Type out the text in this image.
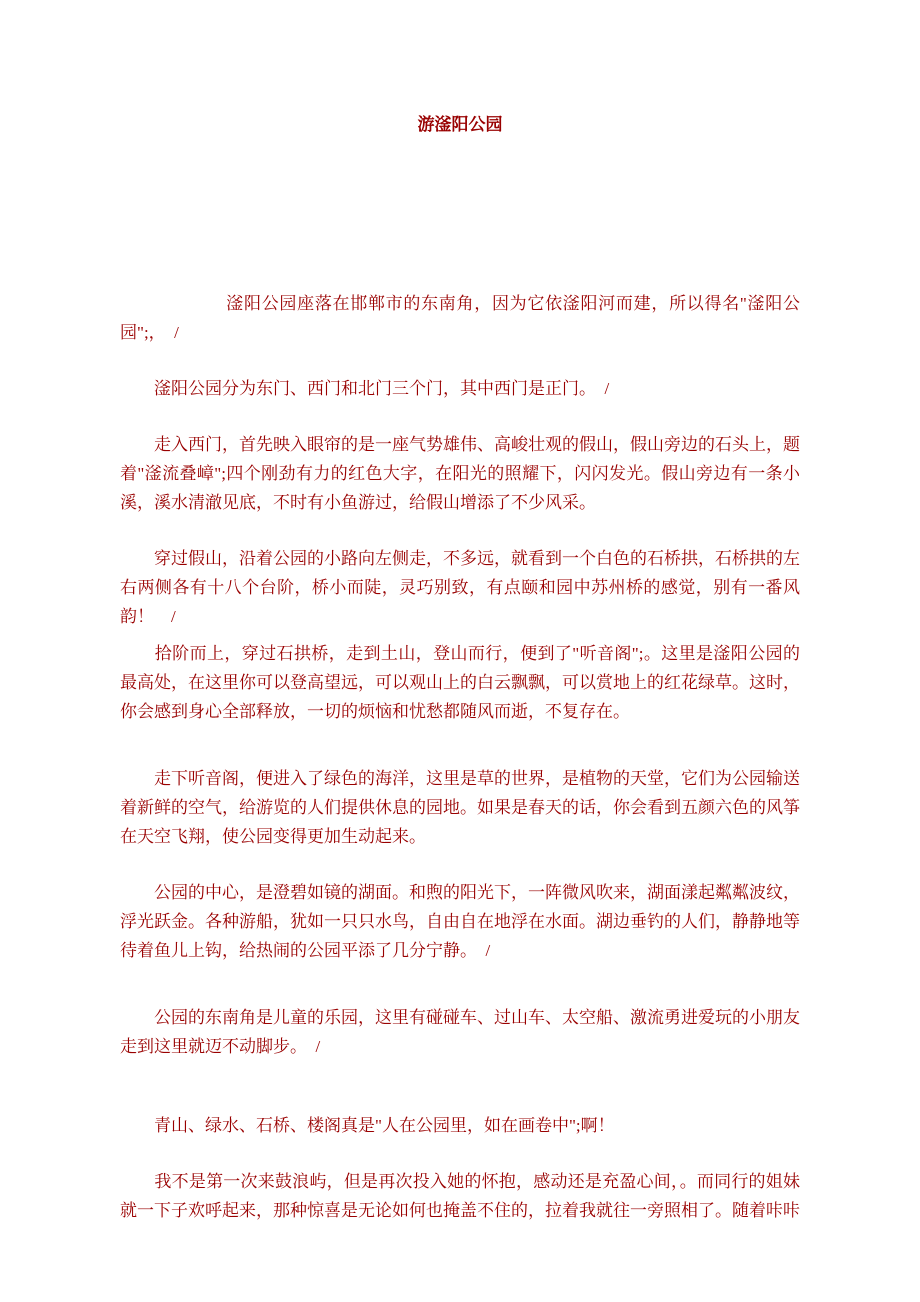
游滏阳公园

　　　　　　滏阳公园座落在邯郸市的东南角，因为它依滏阳河而建，所以得名"滏阳公园";，　/

　　滏阳公园分为东门、西门和北门三个门，其中西门是正门。　/

　　走入西门，首先映入眼帘的是一座气势雄伟、高峻壮观的假山，假山旁边的石头上，题着"滏流叠嶂";四个刚劲有力的红色大字，在阳光的照耀下，闪闪发光。假山旁边有一条小溪，溪水清澈见底，不时有小鱼游过，给假山增添了不少风采。

　　穿过假山，沿着公园的小路向左侧走，不多远，就看到一个白色的石桥拱，石桥拱的左右两侧各有十八个台阶，桥小而陡，灵巧别致，有点颐和园中苏州桥的感觉，别有一番风韵！　/

　　拾阶而上，穿过石拱桥，走到土山，登山而行，便到了"听音阁";。这里是滏阳公园的最高处，在这里你可以登高望远，可以观山上的白云飘飘，可以赏地上的红花绿草。这时，你会感到身心全部释放，一切的烦恼和忧愁都随风而逝，不复存在。

　　走下听音阁，便进入了绿色的海洋，这里是草的世界，是植物的天堂，它们为公园输送着新鲜的空气，给游览的人们提供休息的园地。如果是春天的话，你会看到五颜六色的风筝在天空飞翔，使公园变得更加生动起来。

　　公园的中心，是澄碧如镜的湖面。和煦的阳光下，一阵微风吹来，湖面漾起粼粼波纹，浮光跃金。各种游船，犹如一只只水鸟，自由自在地浮在水面。湖边垂钓的人们，静静地等待着鱼儿上钩，给热闹的公园平添了几分宁静。　/

　　公园的东南角是儿童的乐园，这里有碰碰车、过山车、太空船、激流勇进爱玩的小朋友走到这里就迈不动脚步。　/

　　青山、绿水、石桥、楼阁真是"人在公园里，如在画卷中";啊！

　　我不是第一次来鼓浪屿，但是再次投入她的怀抱，感动还是充盈心间，。而同行的姐妹就一下子欢呼起来，那种惊喜是无论如何也掩盖不住的，拉着我就往一旁照相了。随着咔咔
